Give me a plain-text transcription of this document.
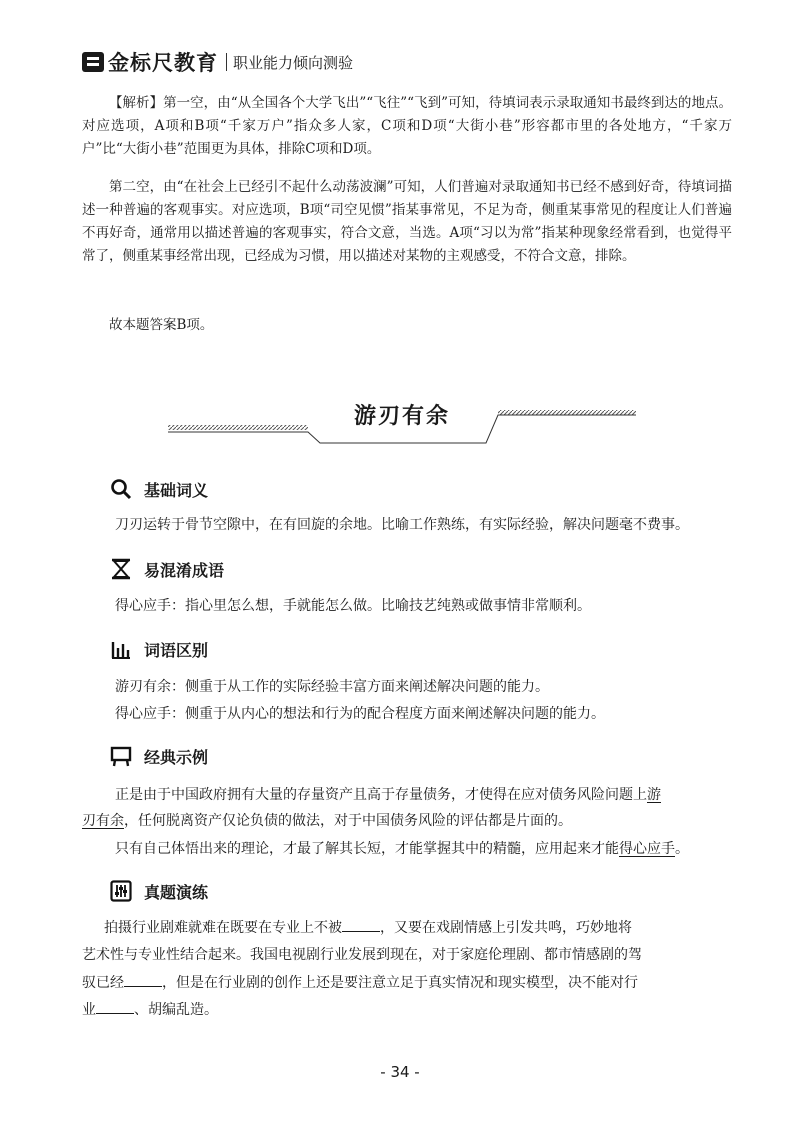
金标尺教育 职业能力倾向测验
【解析】第一空，由“从全国各个大学飞出”“飞往”“飞到”可知，待填词表示录取通知书最终到达的地点。对应选项，A项和B项“千家万户”指众多人家，C项和D项“大街小巷”形容都市里的各处地方，“千家万户”比“大街小巷”范围更为具体，排除C项和D项。
第二空，由“在社会上已经引不起什么动荡波澜”可知，人们普遍对录取通知书已经不感到好奇，待填词描述一种普遍的客观事实。对应选项，B项“司空见惯”指某事常见，不足为奇，侧重某事常见的程度让人们普遍不再好奇，通常用以描述普遍的客观事实，符合文意，当选。A项“习以为常”指某种现象经常看到，也觉得平常了，侧重某事经常出现，已经成为习惯，用以描述对某物的主观感受，不符合文意，排除。
故本题答案B项。
游刃有余
基础词义
刀刃运转于骨节空隙中，在有回旋的余地。比喻工作熟练，有实际经验，解决问题毫不费事。
易混淆成语
得心应手：指心里怎么想，手就能怎么做。比喻技艺纯熟或做事情非常顺利。
词语区别
游刃有余：侧重于从工作的实际经验丰富方面来阐述解决问题的能力。
得心应手：侧重于从内心的想法和行为的配合程度方面来阐述解决问题的能力。
经典示例
正是由于中国政府拥有大量的存量资产且高于存量债务，才使得在应对债务风险问题上游
刃有余，任何脱离资产仅论负债的做法，对于中国债务风险的评估都是片面的。
只有自己体悟出来的理论，才最了解其长短，才能掌握其中的精髓，应用起来才能得心应手。
真题演练
拍摄行业剧难就难在既要在专业上不被	，又要在戏剧情感上引发共鸣，巧妙地将
艺术性与专业性结合起来。我国电视剧行业发展到现在，对于家庭伦理剧、都市情感剧的驾
驭已经	，但是在行业剧的创作上还是要注意立足于真实情况和现实模型，决不能对行
业	、胡编乱造。
- 34 -
